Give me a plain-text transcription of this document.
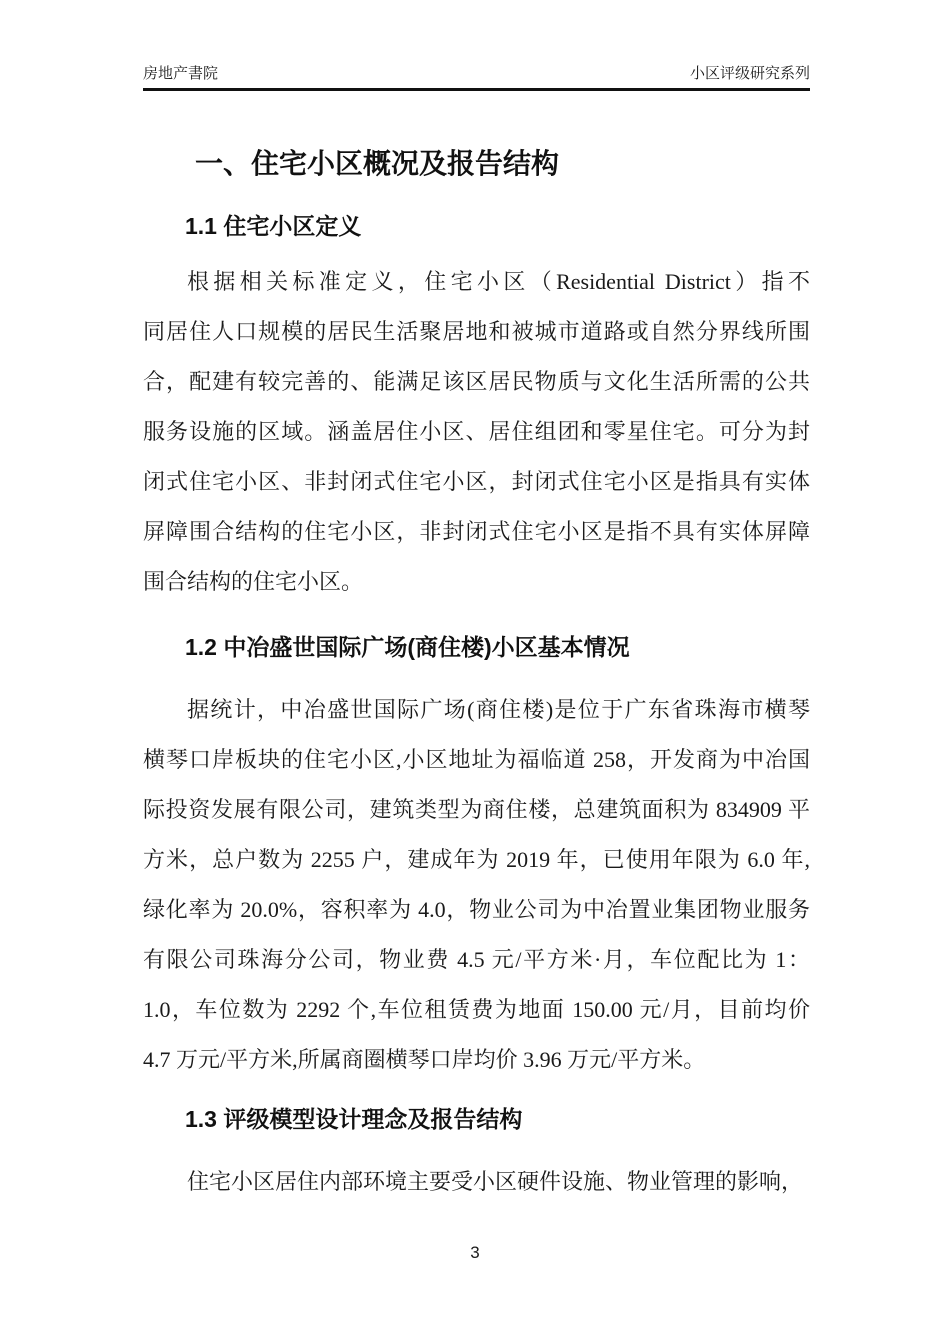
房地产書院	小区评级研究系列
一、住宅小区概况及报告结构
1.1 住宅小区定义
根据相关标准定义，住宅小区（Residential District）指不
同居住人口规模的居民生活聚居地和被城市道路或自然分界线所围
合，配建有较完善的、能满足该区居民物质与文化生活所需的公共
服务设施的区域。涵盖居住小区、居住组团和零星住宅。可分为封
闭式住宅小区、非封闭式住宅小区，封闭式住宅小区是指具有实体
屏障围合结构的住宅小区，非封闭式住宅小区是指不具有实体屏障
围合结构的住宅小区。
1.2 中冶盛世国际广场(商住楼)小区基本情况
据统计，中冶盛世国际广场(商住楼)是位于广东省珠海市横琴
横琴口岸板块的住宅小区,小区地址为福临道 258，开发商为中冶国
际投资发展有限公司，建筑类型为商住楼，总建筑面积为 834909 平
方米，总户数为 2255 户，建成年为 2019 年，已使用年限为 6.0 年,
绿化率为 20.0%，容积率为 4.0，物业公司为中冶置业集团物业服务
有限公司珠海分公司，物业费 4.5 元/平方米·月，车位配比为 1：
1.0，车位数为 2292 个,车位租赁费为地面 150.00 元/月，目前均价
4.7 万元/平方米,所属商圈横琴口岸均价 3.96 万元/平方米。
1.3 评级模型设计理念及报告结构
住宅小区居住内部环境主要受小区硬件设施、物业管理的影响，
3
